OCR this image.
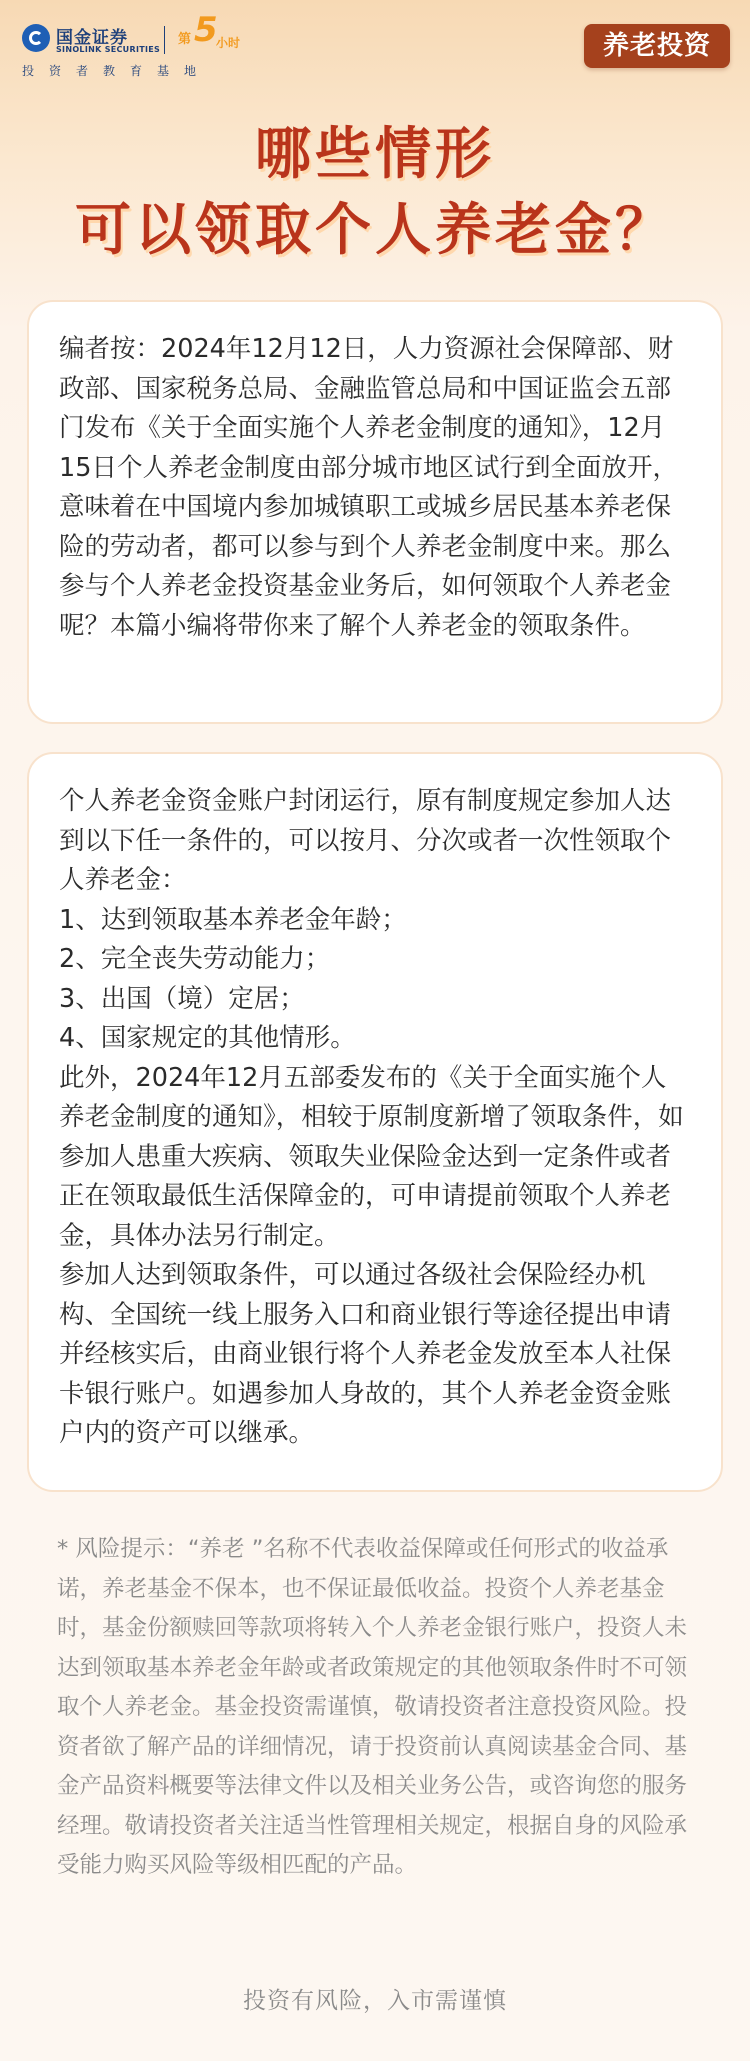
国金证券
SINOLINK SECURITIES
第 5
小时
投资者教育基地
养老投资
哪些情形
可以领取个人养老金？

编者按：2024年12月12日，人力资源社会保障部、财政部、国家税务总局、金融监管总局和中国证监会五部门发布《关于全面实施个人养老金制度的通知》，12月15日个人养老金制度由部分城市地区试行到全面放开，意味着在中国境内参加城镇职工或城乡居民基本养老保险的劳动者，都可以参与到个人养老金制度中来。那么参与个人养老金投资基金业务后，如何领取个人养老金呢？本篇小编将带你来了解个人养老金的领取条件。

个人养老金资金账户封闭运行，原有制度规定参加人达到以下任一条件的，可以按月、分次或者一次性领取个人养老金：

1、达到领取基本养老金年龄；

2、完全丧失劳动能力；

3、出国（境）定居；

4、国家规定的其他情形。

此外，2024年12月五部委发布的《关于全面实施个人养老金制度的通知》，相较于原制度新增了领取条件，如参加人患重大疾病、领取失业保险金达到一定条件或者正在领取最低生活保障金的，可申请提前领取个人养老金，具体办法另行制定。

参加人达到领取条件，可以通过各级社会保险经办机构、全国统一线上服务入口和商业银行等途径提出申请并经核实后，由商业银行将个人养老金发放至本人社保卡银行账户。如遇参加人身故的，其个人养老金资金账户内的资产可以继承。

* 风险提示：“养老 ”名称不代表收益保障或任何形式的收益承诺，养老基金不保本，也不保证最低收益。投资个人养老基金时，基金份额赎回等款项将转入个人养老金银行账户，投资人未达到领取基本养老金年龄或者政策规定的其他领取条件时不可领取个人养老金。基金投资需谨慎，敬请投资者注意投资风险。投资者欲了解产品的详细情况，请于投资前认真阅读基金合同、基金产品资料概要等法律文件以及相关业务公告，或咨询您的服务经理。敬请投资者关注适当性管理相关规定，根据自身的风险承受能力购买风险等级相匹配的产品。

投资有风险，入市需谨慎
